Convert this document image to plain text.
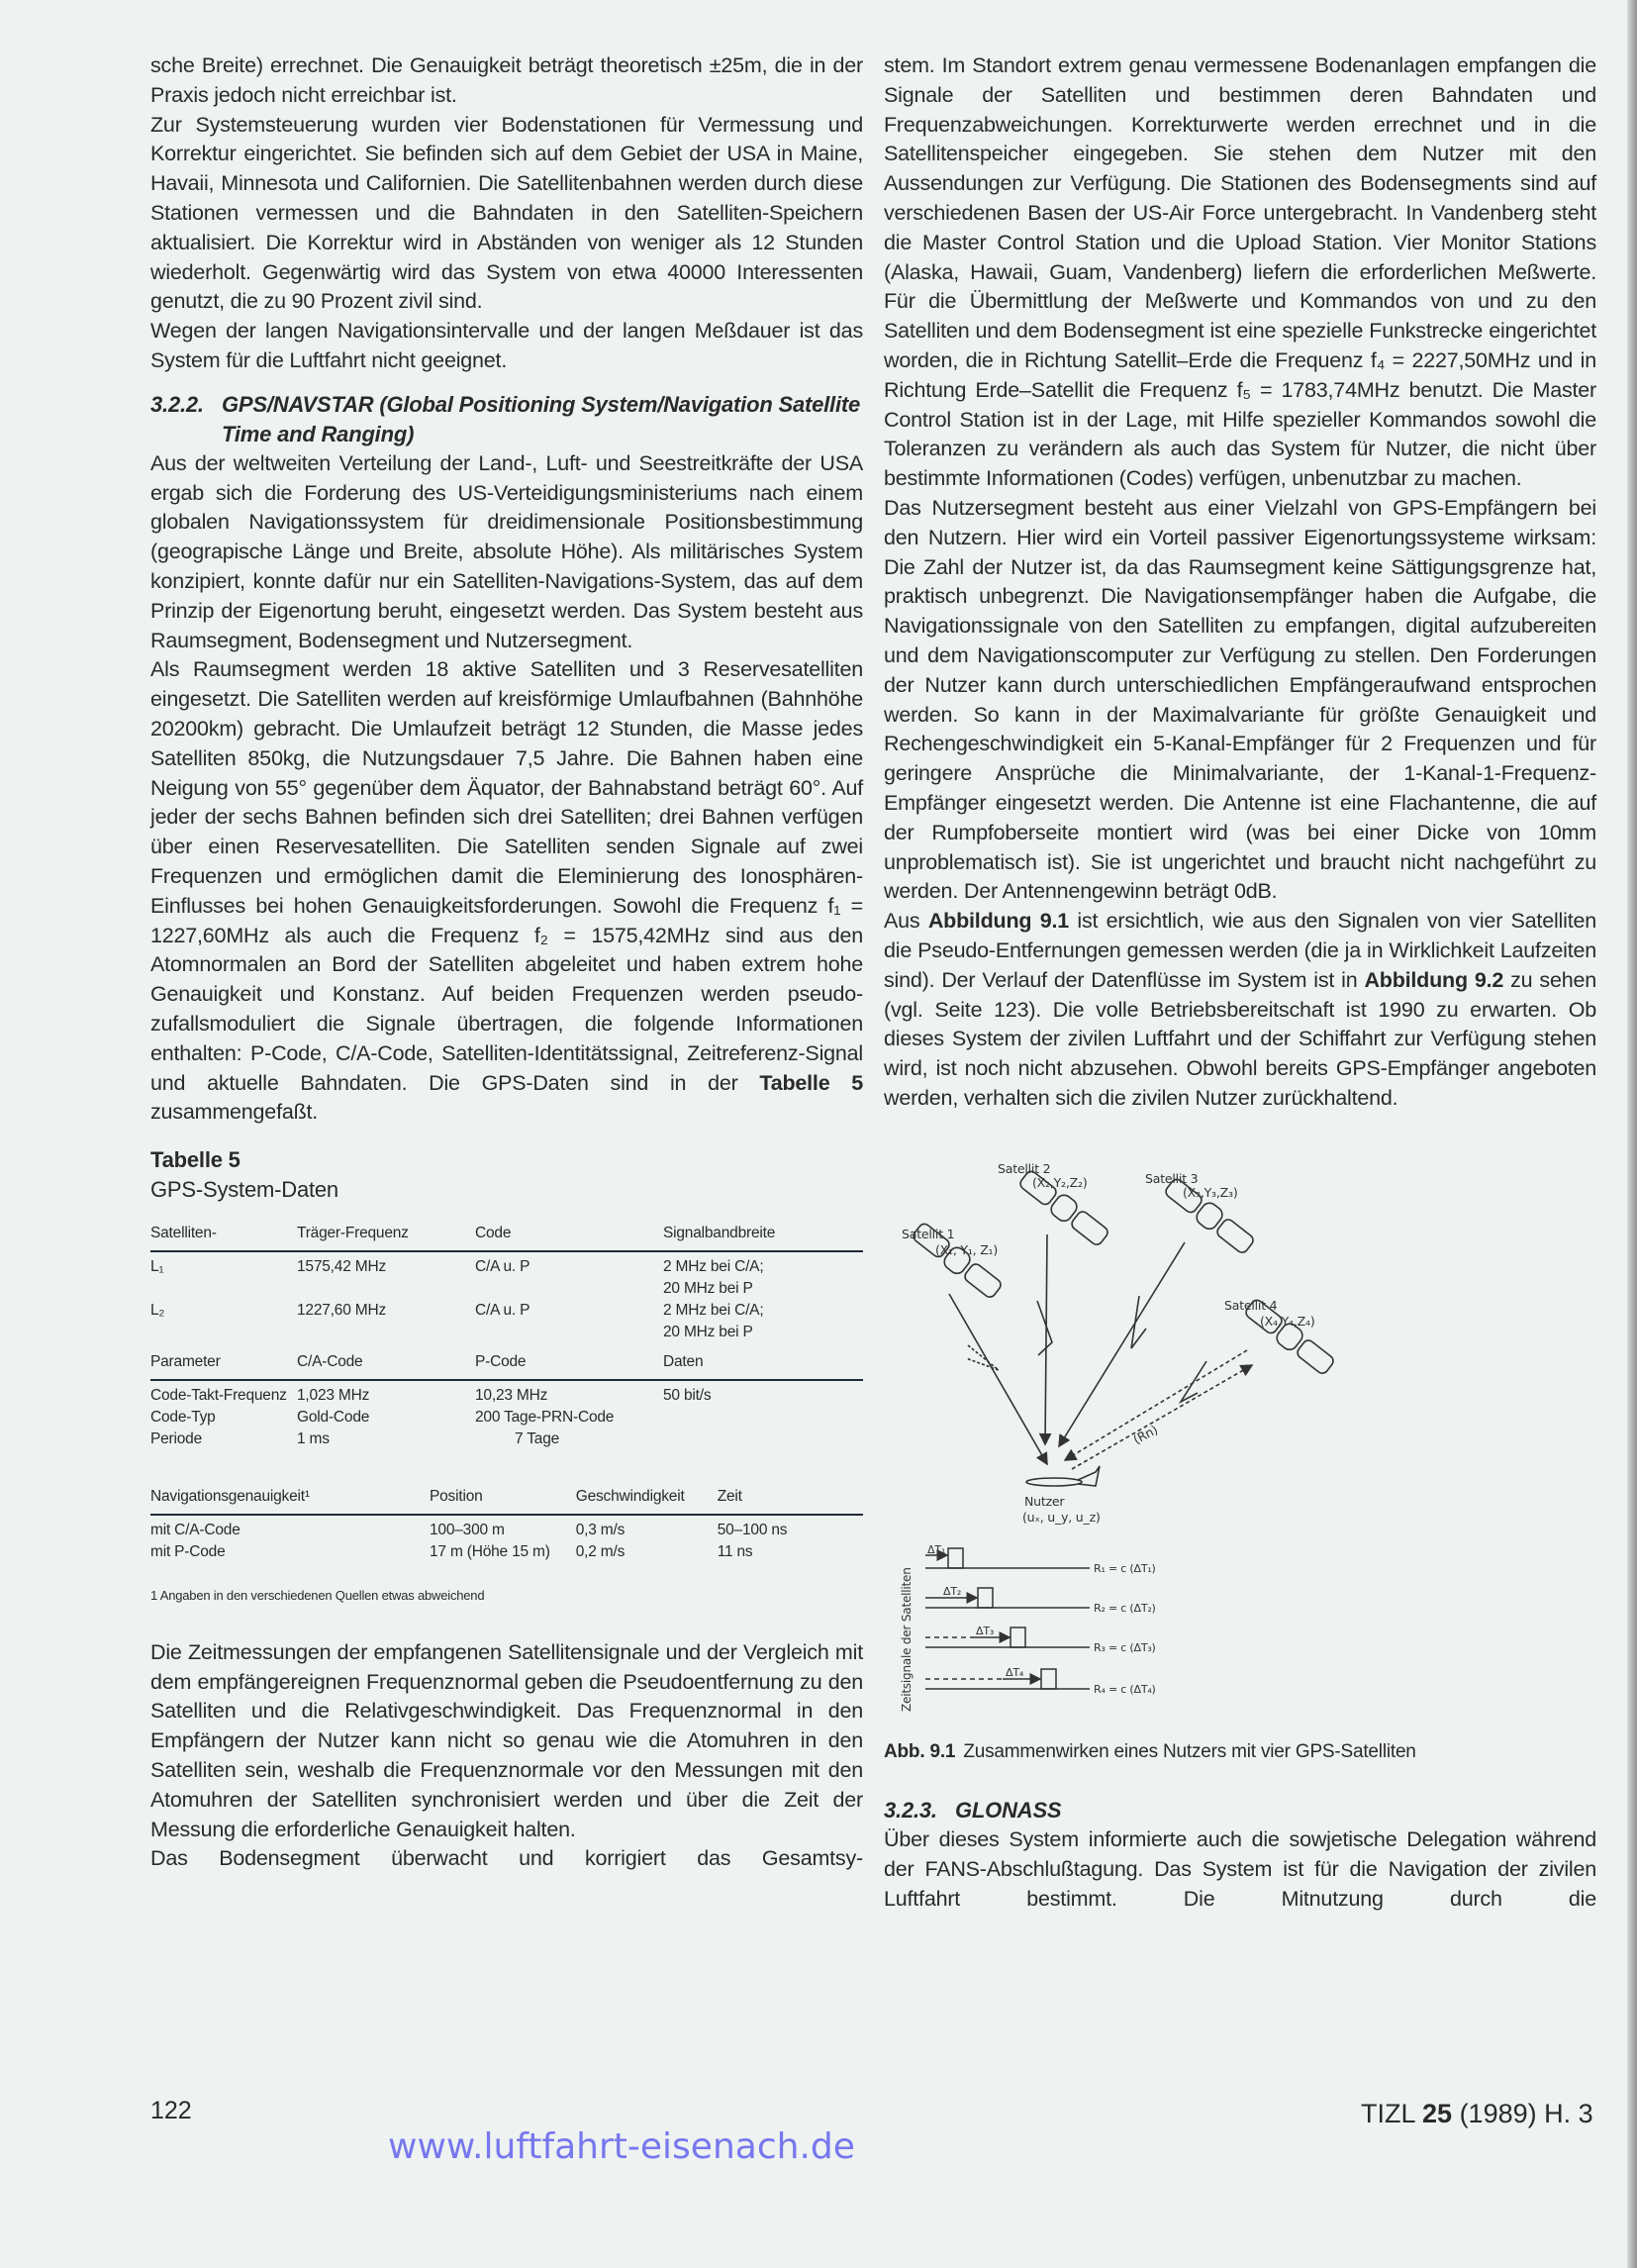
sche Breite) errechnet. Die Genauigkeit beträgt theoretisch ±25m, die in der Praxis jedoch nicht erreichbar ist.

Zur Systemsteuerung wurden vier Bodenstationen für Vermessung und Korrektur eingerichtet. Sie befinden sich auf dem Gebiet der USA in Maine, Havaii, Minnesota und Californien. Die Satellitenbahnen werden durch diese Stationen vermessen und die Bahndaten in den Satelliten-Speichern aktualisiert. Die Korrektur wird in Abständen von weniger als 12 Stunden wiederholt. Gegenwärtig wird das System von etwa 40000 Interessenten genutzt, die zu 90 Prozent zivil sind.

Wegen der langen Navigationsintervalle und der langen Meßdauer ist das System für die Luftfahrt nicht geeignet.

3.2.2. GPS/NAVSTAR (Global Positioning System/Navigation Satellite Time and Ranging)

Aus der weltweiten Verteilung der Land-, Luft- und Seestreitkräfte der USA ergab sich die Forderung des US-Verteidigungsministeriums nach einem globalen Navigationssystem für dreidimensionale Positionsbestimmung (geograpische Länge und Breite, absolute Höhe). Als militärisches System konzipiert, konnte dafür nur ein Satelliten-Navigations-System, das auf dem Prinzip der Eigenortung beruht, eingesetzt werden. Das System besteht aus Raumsegment, Bodensegment und Nutzersegment.

Als Raumsegment werden 18 aktive Satelliten und 3 Reservesatelliten eingesetzt. Die Satelliten werden auf kreisförmige Umlaufbahnen (Bahnhöhe 20200km) gebracht. Die Umlaufzeit beträgt 12 Stunden, die Masse jedes Satelliten 850kg, die Nutzungsdauer 7,5 Jahre. Die Bahnen haben eine Neigung von 55° gegenüber dem Äquator, der Bahnabstand beträgt 60°. Auf jeder der sechs Bahnen befinden sich drei Satelliten; drei Bahnen verfügen über einen Reservesatelliten. Die Satelliten senden Signale auf zwei Frequenzen und ermöglichen damit die Eleminierung des Ionosphären-Einflusses bei hohen Genauigkeitsforderungen. Sowohl die Frequenz f₁ = 1227,60MHz als auch die Frequenz f₂ = 1575,42MHz sind aus den Atomnormalen an Bord der Satelliten abgeleitet und haben extrem hohe Genauigkeit und Konstanz. Auf beiden Frequenzen werden pseudo-zufallsmoduliert die Signale übertragen, die folgende Informationen enthalten: P-Code, C/A-Code, Satelliten-Identitätssignal, Zeitreferenz-Signal und aktuelle Bahndaten. Die GPS-Daten sind in der Tabelle 5 zusammengefaßt.

Tabelle 5
GPS-System-Daten
Satelliten-	Träger-Frequenz	Code	Signalbandbreite
L₁	1575,42 MHz	C/A u. P	2 MHz bei C/A;
20 MHz bei P

L₂	1227,60 MHz	C/A u. P	2 MHz bei C/A;
20 MHz bei P

Parameter	C/A-Code	P-Code	Daten
Code-Takt-Frequenz	1,023 MHz	10,23 MHz	50 bit/s
Code-Typ	Gold-Code	200 Tage-PRN-Code	
Periode	1 ms	7 Tage	
Navigationsgenauigkeit¹	Position	Geschwindigkeit	Zeit
mit C/A-Code	100–300 m	0,3 m/s	50–100 ns
mit P-Code	17 m (Höhe 15 m)	0,2 m/s	11 ns
1 Angaben in den verschiedenen Quellen etwas abweichend

Die Zeitmessungen der empfangenen Satellitensignale und der Vergleich mit dem empfängereignen Frequenznormal geben die Pseudoentfernung zu den Satelliten und die Relativgeschwindigkeit. Das Frequenznormal in den Empfängern der Nutzer kann nicht so genau wie die Atomuhren in den Satelliten sein, weshalb die Frequenznormale vor den Messungen mit den Atomuhren der Satelliten synchronisiert werden und über die Zeit der Messung die erforderliche Genauigkeit halten.

Das Bodensegment überwacht und korrigiert das Gesamtsy-

stem. Im Standort extrem genau vermessene Bodenanlagen empfangen die Signale der Satelliten und bestimmen deren Bahndaten und Frequenzabweichungen. Korrekturwerte werden errechnet und in die Satellitenspeicher eingegeben. Sie stehen dem Nutzer mit den Aussendungen zur Verfügung. Die Stationen des Bodensegments sind auf verschiedenen Basen der US-Air Force untergebracht. In Vandenberg steht die Master Control Station und die Upload Station. Vier Monitor Stations (Alaska, Hawaii, Guam, Vandenberg) liefern die erforderlichen Meßwerte. Für die Übermittlung der Meßwerte und Kommandos von und zu den Satelliten und dem Bodensegment ist eine spezielle Funkstrecke eingerichtet worden, die in Richtung Satellit–Erde die Frequenz f₄ = 2227,50MHz und in Richtung Erde–Satellit die Frequenz f₅ = 1783,74MHz benutzt. Die Master Control Station ist in der Lage, mit Hilfe spezieller Kommandos sowohl die Toleranzen zu verändern als auch das System für Nutzer, die nicht über bestimmte Informationen (Codes) verfügen, unbenutzbar zu machen.

Das Nutzersegment besteht aus einer Vielzahl von GPS-Empfängern bei den Nutzern. Hier wird ein Vorteil passiver Eigenortungssysteme wirksam: Die Zahl der Nutzer ist, da das Raumsegment keine Sättigungsgrenze hat, praktisch unbegrenzt. Die Navigationsempfänger haben die Aufgabe, die Navigationssignale von den Satelliten zu empfangen, digital aufzubereiten und dem Navigationscomputer zur Verfügung zu stellen. Den Forderungen der Nutzer kann durch unterschiedlichen Empfängeraufwand entsprochen werden. So kann in der Maximalvariante für größte Genauigkeit und Rechengeschwindigkeit ein 5-Kanal-Empfänger für 2 Frequenzen und für geringere Ansprüche die Minimalvariante, der 1-Kanal-1-Frequenz-Empfänger eingesetzt werden. Die Antenne ist eine Flachantenne, die auf der Rumpfoberseite montiert wird (was bei einer Dicke von 10mm unproblematisch ist). Sie ist ungerichtet und braucht nicht nachgeführt zu werden. Der Antennengewinn beträgt 0dB.

Aus Abbildung 9.1 ist ersichtlich, wie aus den Signalen von vier Satelliten die Pseudo-Entfernungen gemessen werden (die ja in Wirklichkeit Laufzeiten sind). Der Verlauf der Datenflüsse im System ist in Abbildung 9.2 zu sehen (vgl. Seite 123). Die volle Betriebsbereitschaft ist 1990 zu erwarten. Ob dieses System der zivilen Luftfahrt und der Schiffahrt zur Verfügung stehen wird, ist noch nicht abzusehen. Obwohl bereits GPS-Empfänger angeboten werden, verhalten sich die zivilen Nutzer zurückhaltend.

Satellit 1
(X₁, Y₁, Z₁)
Satellit 2
(X₂,Y₂,Z₂)	Satellit 3
(X₃,Y₃,Z₃)
Satellit 4
(X₄,Y₄,Z₄)
(Rn)
Nutzer
(uₓ, u_y, u_z)
Zeitsignale der Satelliten
ΔT₁
ΔT₂
ΔT₃
ΔT₄
R₁ = c (ΔT₁)
R₂ = c (ΔT₂)
R₃ = c (ΔT₃)
R₄ = c (ΔT₄)
Abb. 9.1 Zusammenwirken eines Nutzers mit vier GPS-Satelliten
3.2.3. GLONASS

Über dieses System informierte auch die sowjetische Delegation während der FANS-Abschlußtagung. Das System ist für die Navigation der zivilen Luftfahrt bestimmt. Die Mitnutzung durch die

122	TIZL 25 (1989) H. 3
www.luftfahrt-eisenach.de
